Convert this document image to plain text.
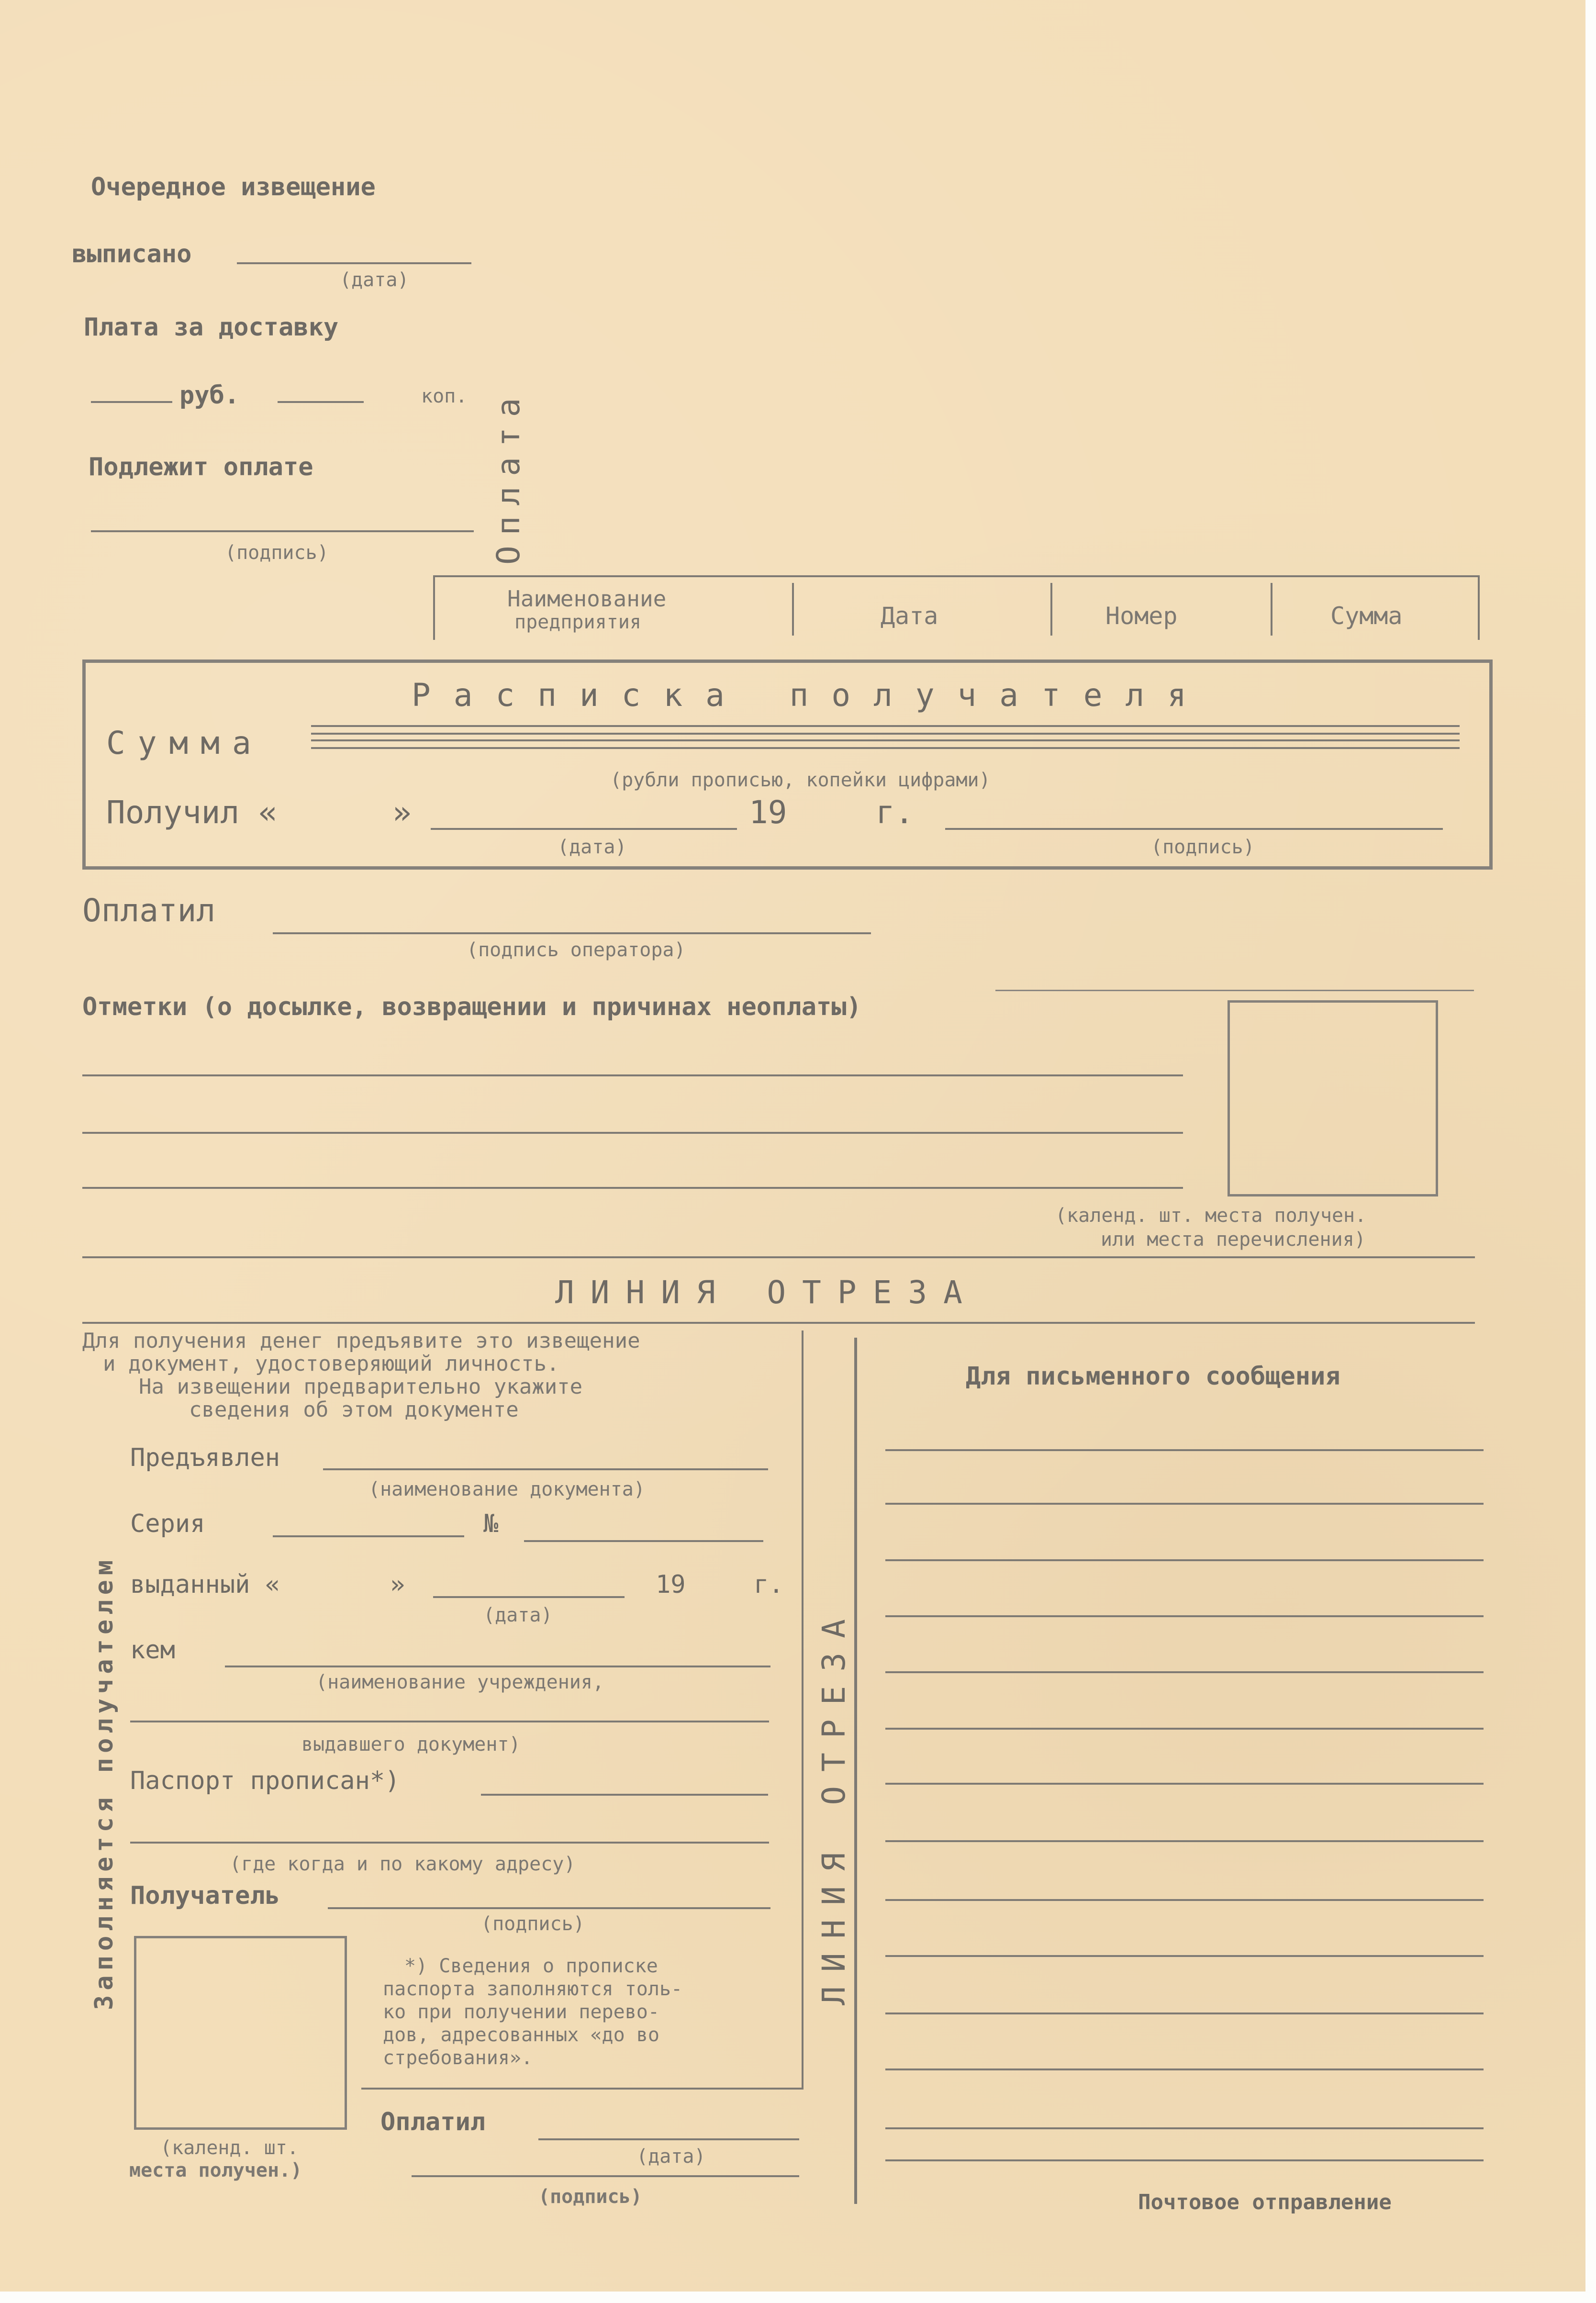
Очередное извещение
выписано
(дата)
Плата за доставку
руб.	коп.
Подлежит оплате
(подпись)	Оплата
Наименование
предприятия	Дата	Номер	Сумма
Расписка получателя
Сумма
(рубли прописью, копейки цифрами)
Получил «	»	19	г.
(дата)	(подпись)
Оплатил
(подпись оператора)
Отметки (о досылке, возвращении и причинах неоплаты)
(календ. шт. места получен.
или места перечисления)
ЛИНИЯ ОТРЕЗА
Для получения денег предъявите это извещение
и документ, удостоверяющий личность.
На извещении предварительно укажите
сведения об этом документе
Предъявлен
(наименование документа)
Серия	№
выданный «	»	19	г.
(дата)
кем
(наименование учреждения,
выдавшего документ)
Паспорт прописан*)
(где когда и по какому адресу)
Получатель
(подпись)
*) Сведения о прописке
паспорта заполняются толь-
ко при получении перево-
дов, адресованных «до во
стребования».
(календ. шт.
места получен.)
Оплатил
(дата)
(подпись)
Заполняется получателем	ЛИНИЯ ОТРЕЗА
Для письменного сообщения
Почтовое отправление
